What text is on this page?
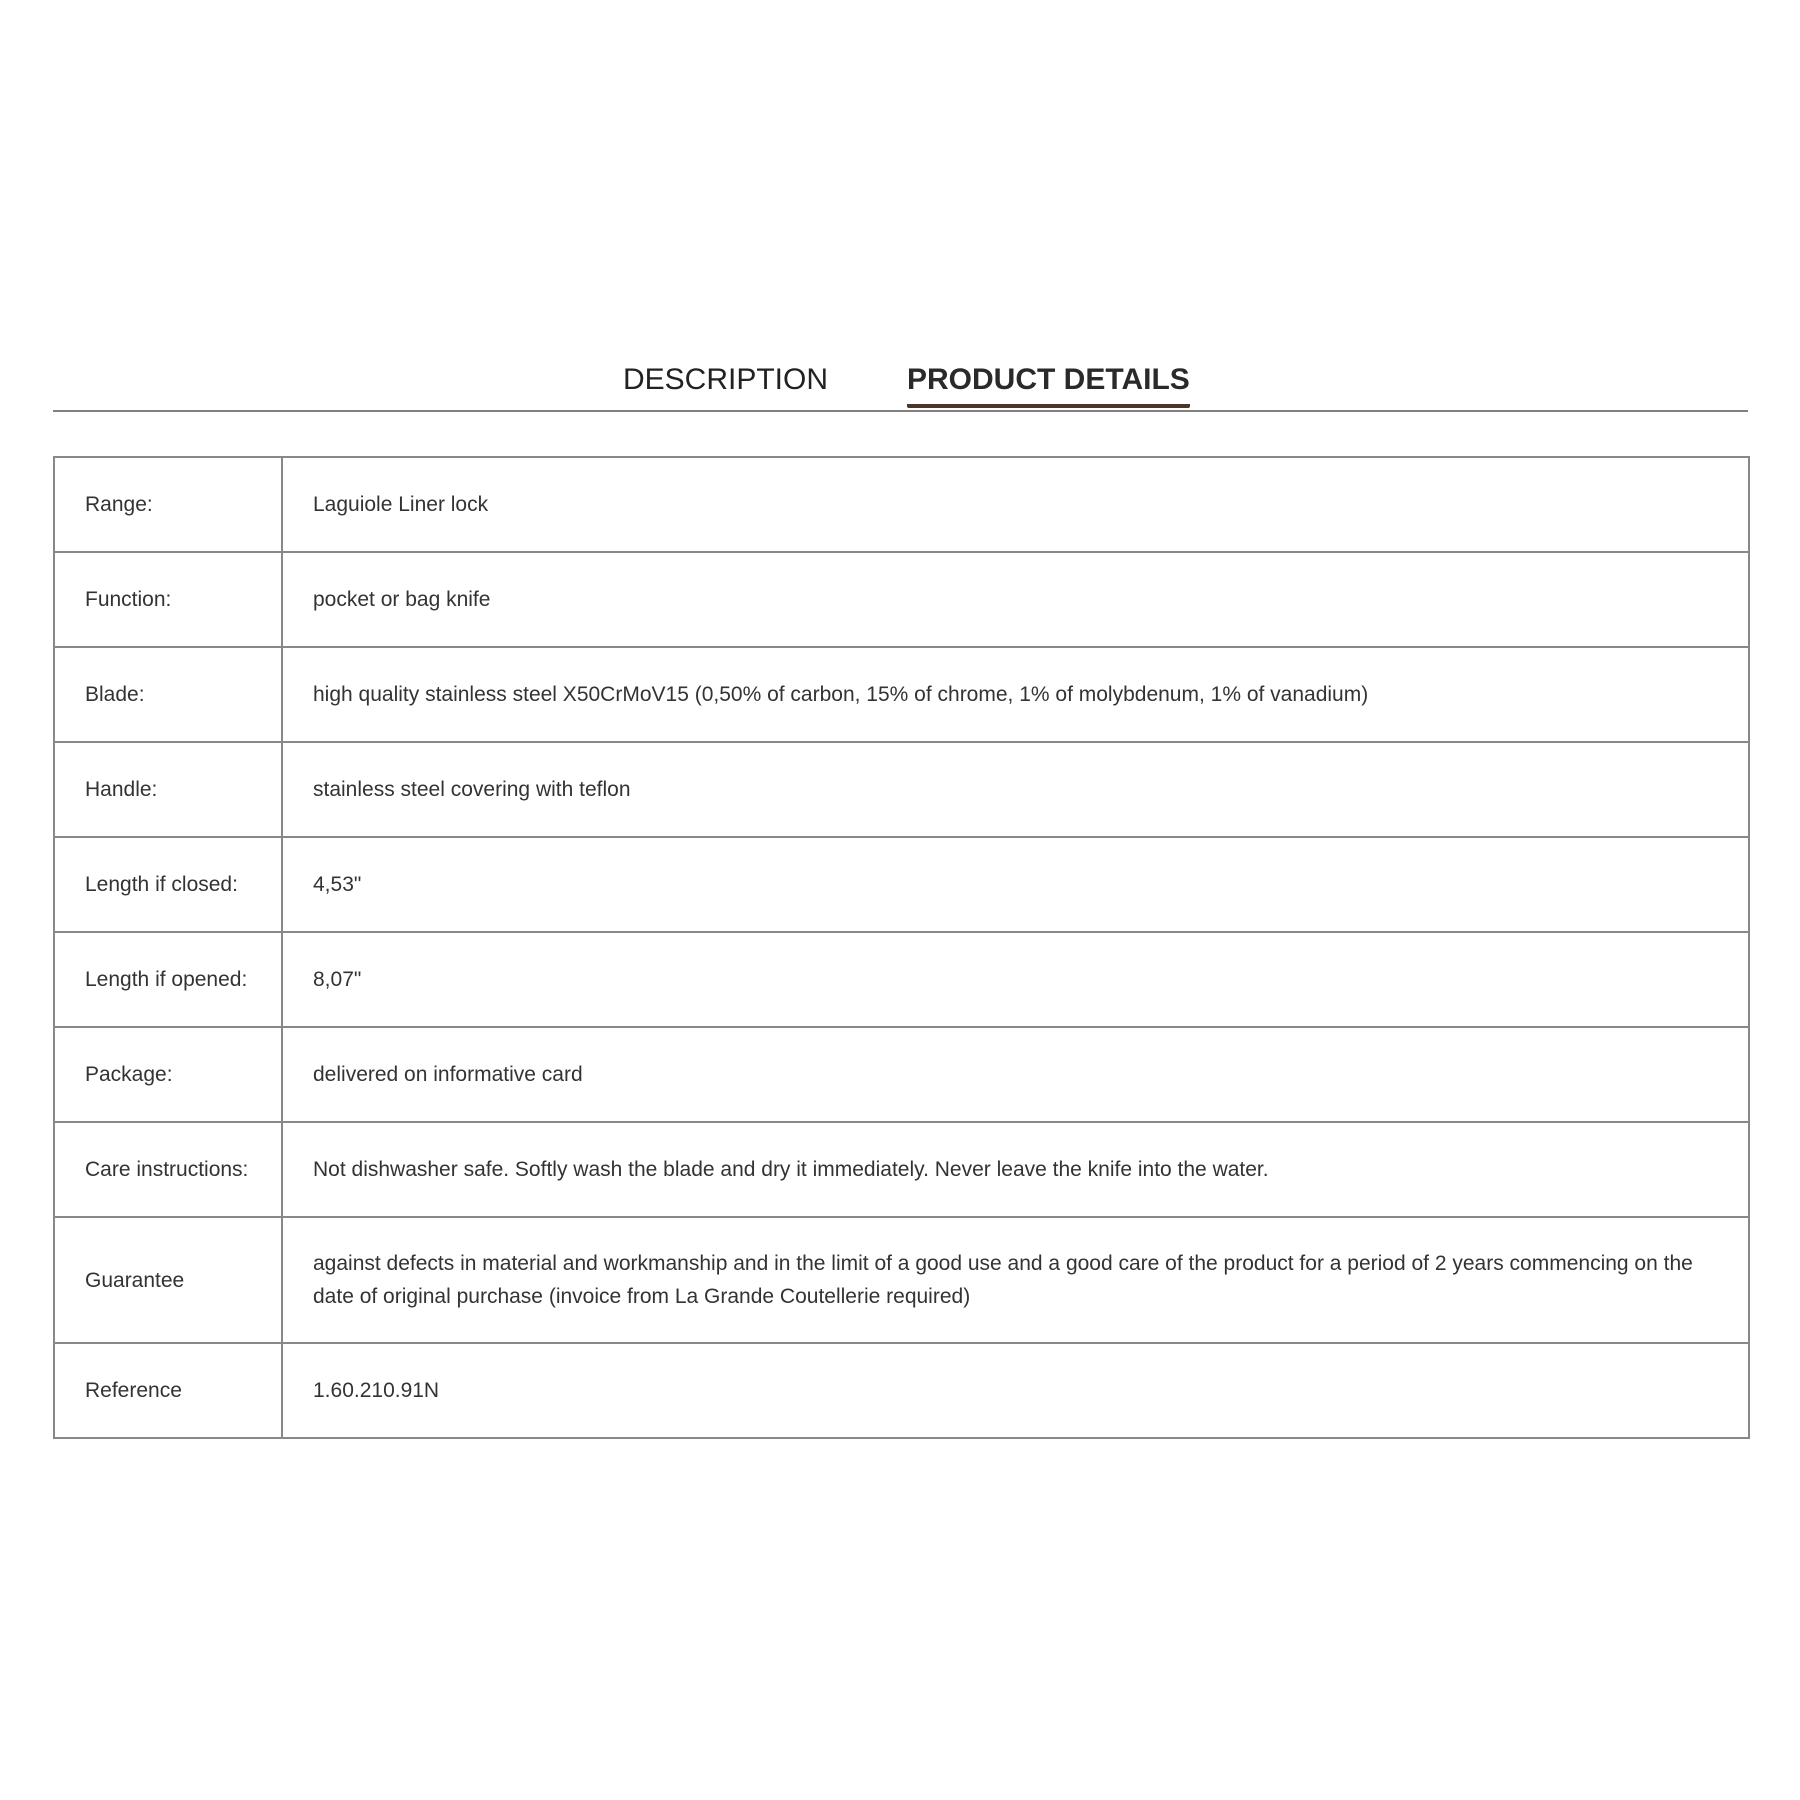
DESCRIPTION	PRODUCT DETAILS
Range:	Laguiole Liner lock
Function:	pocket or bag knife
Blade:	high quality stainless steel X50CrMoV15 (0,50% of carbon, 15% of chrome, 1% of molybdenum, 1% of vanadium)
Handle:	stainless steel covering with teflon
Length if closed:	4,53"
Length if opened:	8,07"
Package:	delivered on informative card
Care instructions:	Not dishwasher safe. Softly wash the blade and dry it immediately. Never leave the knife into the water.
Guarantee	against defects in material and workmanship and in the limit of a good use and a good care of the product for a period of 2 years commencing on the date of original purchase (invoice from La Grande Coutellerie required)
Reference	1.60.210.91N
